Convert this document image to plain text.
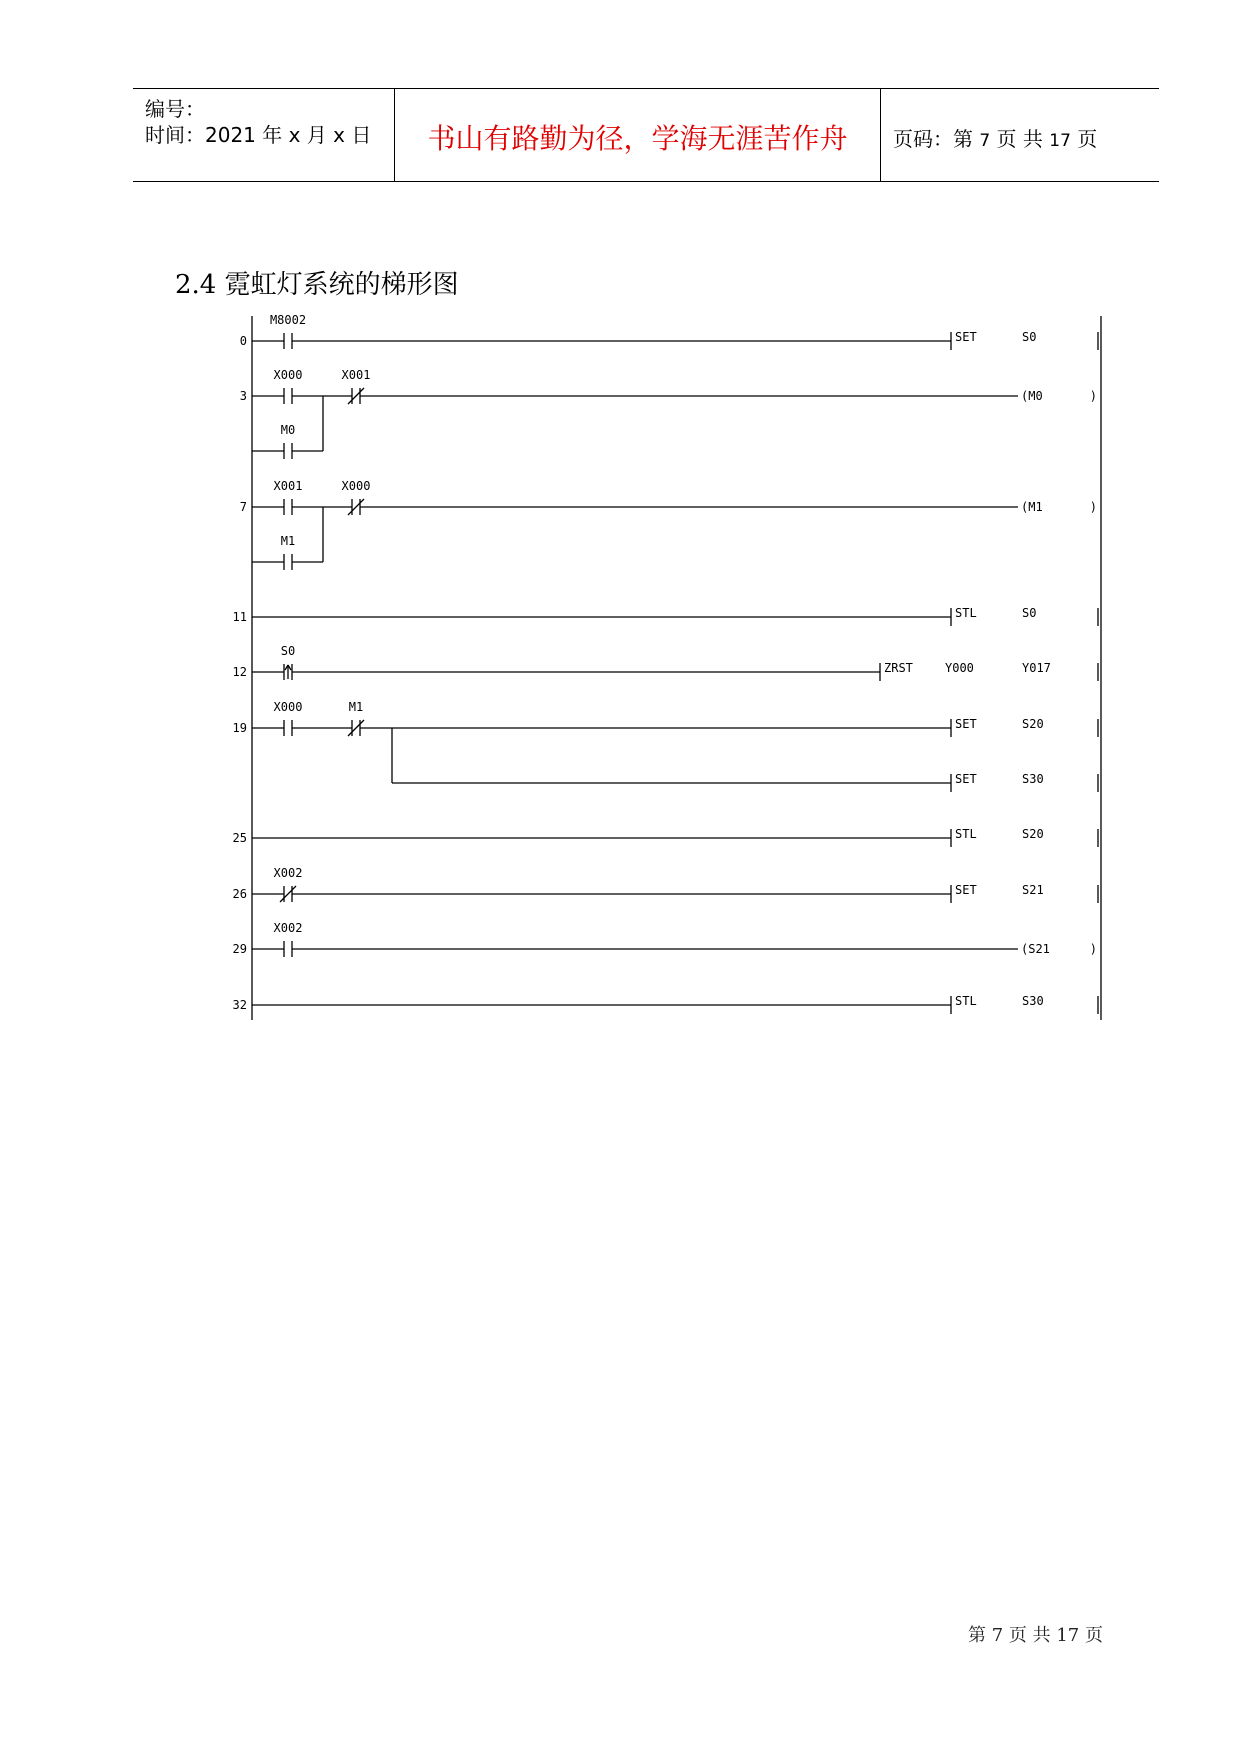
编号：
时间：2021 年 x 月 x 日	书山有路勤为径，学海无涯苦作舟	页码：第 7 页 共 17 页
2.4 霓虹灯系统的梯形图
0
M8002
SET	S0
3
X000	X001
(M0	)
M0
7
X001	X000
(M1	)
M1
11	STL	S0
12
S0
ZRST	Y000	Y017
19
X000	M1
SET	S20
SET	S30
25	STL	S20
26
X002
SET	S21
29
X002
(S21	)
32	STL	S30
第 7 页 共 17 页
